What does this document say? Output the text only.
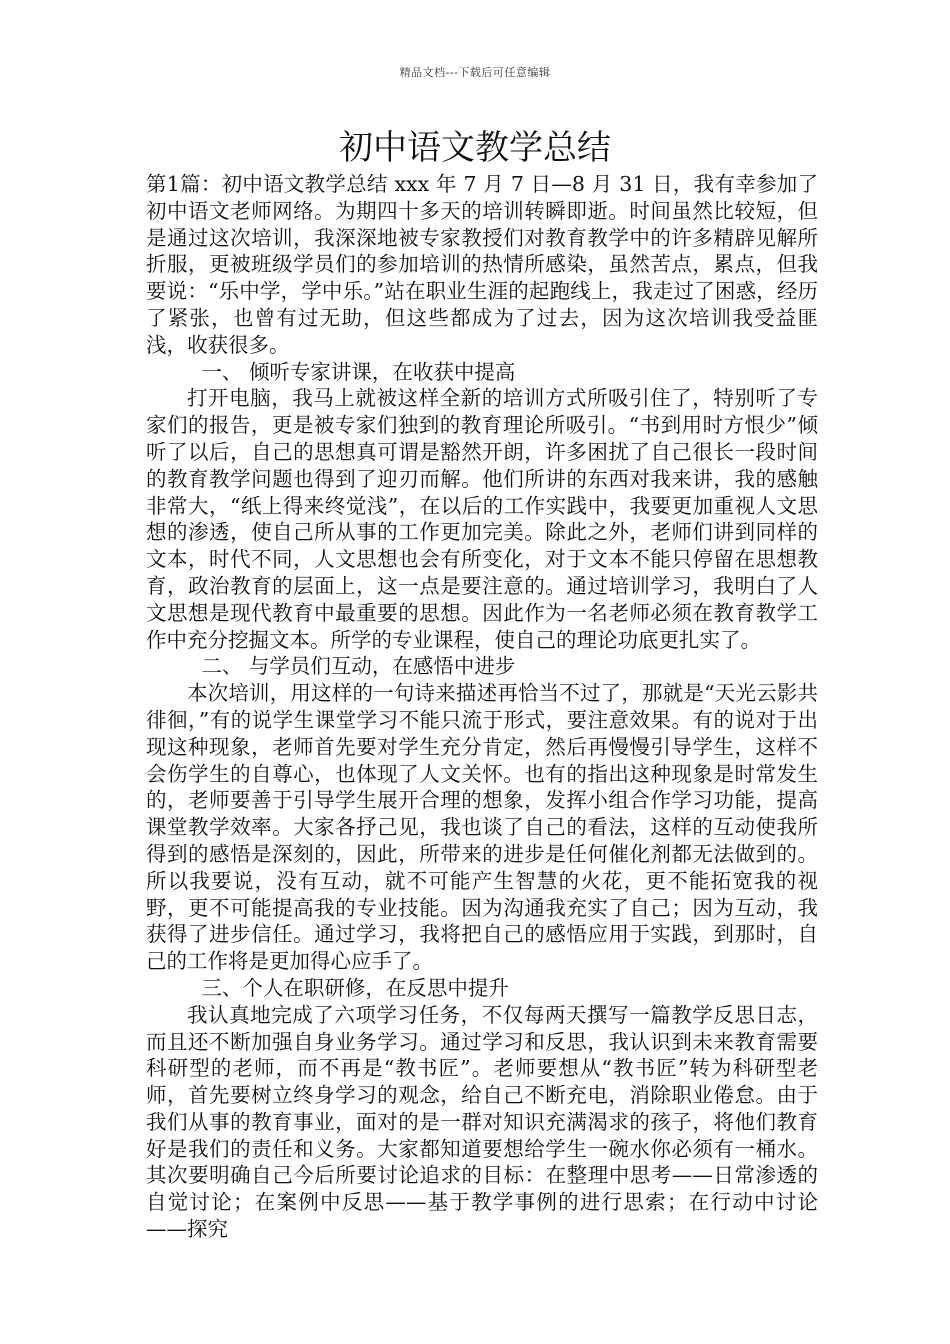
精品文档---下载后可任意编辑
初中语文教学总结

第1篇：初中语文教学总结 xxx 年 7 月 7 日—8 月 31 日，我有幸参加了初中语文老师网络。为期四十多天的培训转瞬即逝。时间虽然比较短，但是通过这次培训，我深深地被专家教授们对教育教学中的许多精辟见解所折服，更被班级学员们的参加培训的热情所感染，虽然苦点，累点，但我要说：“乐中学，学中乐。”站在职业生涯的起跑线上，我走过了困惑，经历了紧张，也曾有过无助，但这些都成为了过去，因为这次培训我受益匪浅，收获很多。

一、 倾听专家讲课，在收获中提高

打开电脑，我马上就被这样全新的培训方式所吸引住了，特别听了专家们的报告，更是被专家们独到的教育理论所吸引。“书到用时方恨少”倾听了以后，自己的思想真可谓是豁然开朗，许多困扰了自己很长一段时间的教育教学问题也得到了迎刃而解。他们所讲的东西对我来讲，我的感触非常大，“纸上得来终觉浅”，在以后的工作实践中，我要更加重视人文思想的渗透，使自己所从事的工作更加完美。除此之外，老师们讲到同样的文本，时代不同，人文思想也会有所变化，对于文本不能只停留在思想教育，政治教育的层面上，这一点是要注意的。通过培训学习，我明白了人文思想是现代教育中最重要的思想。因此作为一名老师必须在教育教学工作中充分挖掘文本。所学的专业课程，使自己的理论功底更扎实了。

二、 与学员们互动，在感悟中进步

本次培训，用这样的一句诗来描述再恰当不过了，那就是“天光云影共徘徊，”有的说学生课堂学习不能只流于形式，要注意效果。有的说对于出现这种现象，老师首先要对学生充分肯定，然后再慢慢引导学生，这样不会伤学生的自尊心，也体现了人文关怀。也有的指出这种现象是时常发生的，老师要善于引导学生展开合理的想象，发挥小组合作学习功能，提高课堂教学效率。大家各抒己见，我也谈了自己的看法，这样的互动使我所得到的感悟是深刻的，因此，所带来的进步是任何催化剂都无法做到的。所以我要说，没有互动，就不可能产生智慧的火花，更不能拓宽我的视野，更不可能提高我的专业技能。因为沟通我充实了自己；因为互动，我获得了进步信任。通过学习，我将把自己的感悟应用于实践，到那时，自己的工作将是更加得心应手了。

三、个人在职研修，在反思中提升

我认真地完成了六项学习任务，不仅每两天撰写一篇教学反思日志，而且还不断加强自身业务学习。通过学习和反思，我认识到未来教育需要科研型的老师，而不再是“教书匠”。老师要想从“教书匠”转为科研型老师，首先要树立终身学习的观念，给自己不断充电，消除职业倦怠。由于我们从事的教育事业，面对的是一群对知识充满渴求的孩子，将他们教育好是我们的责任和义务。大家都知道要想给学生一碗水你必须有一桶水。其次要明确自己今后所要讨论追求的目标：在整理中思考——日常渗透的自觉讨论；在案例中反思——基于教学事例的进行思索；在行动中讨论——探究
